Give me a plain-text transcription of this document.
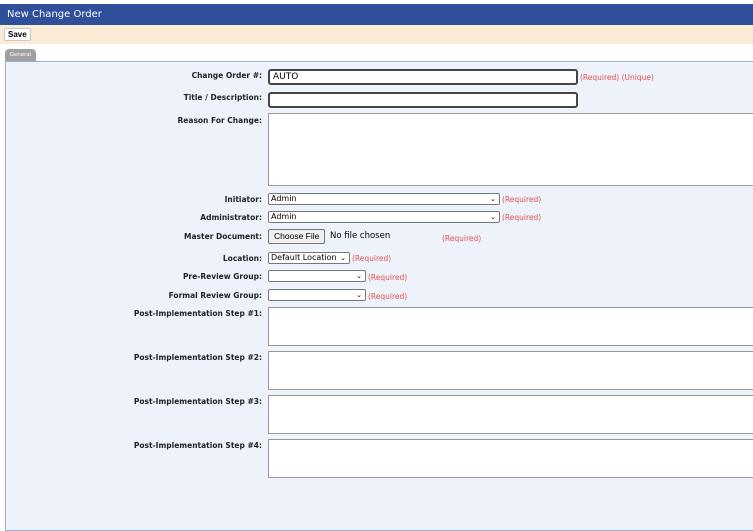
New Change Order
Save
General
Change Order #: AUTO	(Required) (Unique)
Title / Description:
Reason For Change:
Initiator:	Admin	⌄ (Required)
Administrator:	Admin	⌄ (Required)
Master Document:	Choose File	No file chosen	(Required)
Location:	Default Location ⌄ (Required)
Pre-Review Group:	⌄ (Required)
Formal Review Group:	⌄ (Required)
Post-Implementation Step #1:
Post-Implementation Step #2:
Post-Implementation Step #3:
Post-Implementation Step #4:
